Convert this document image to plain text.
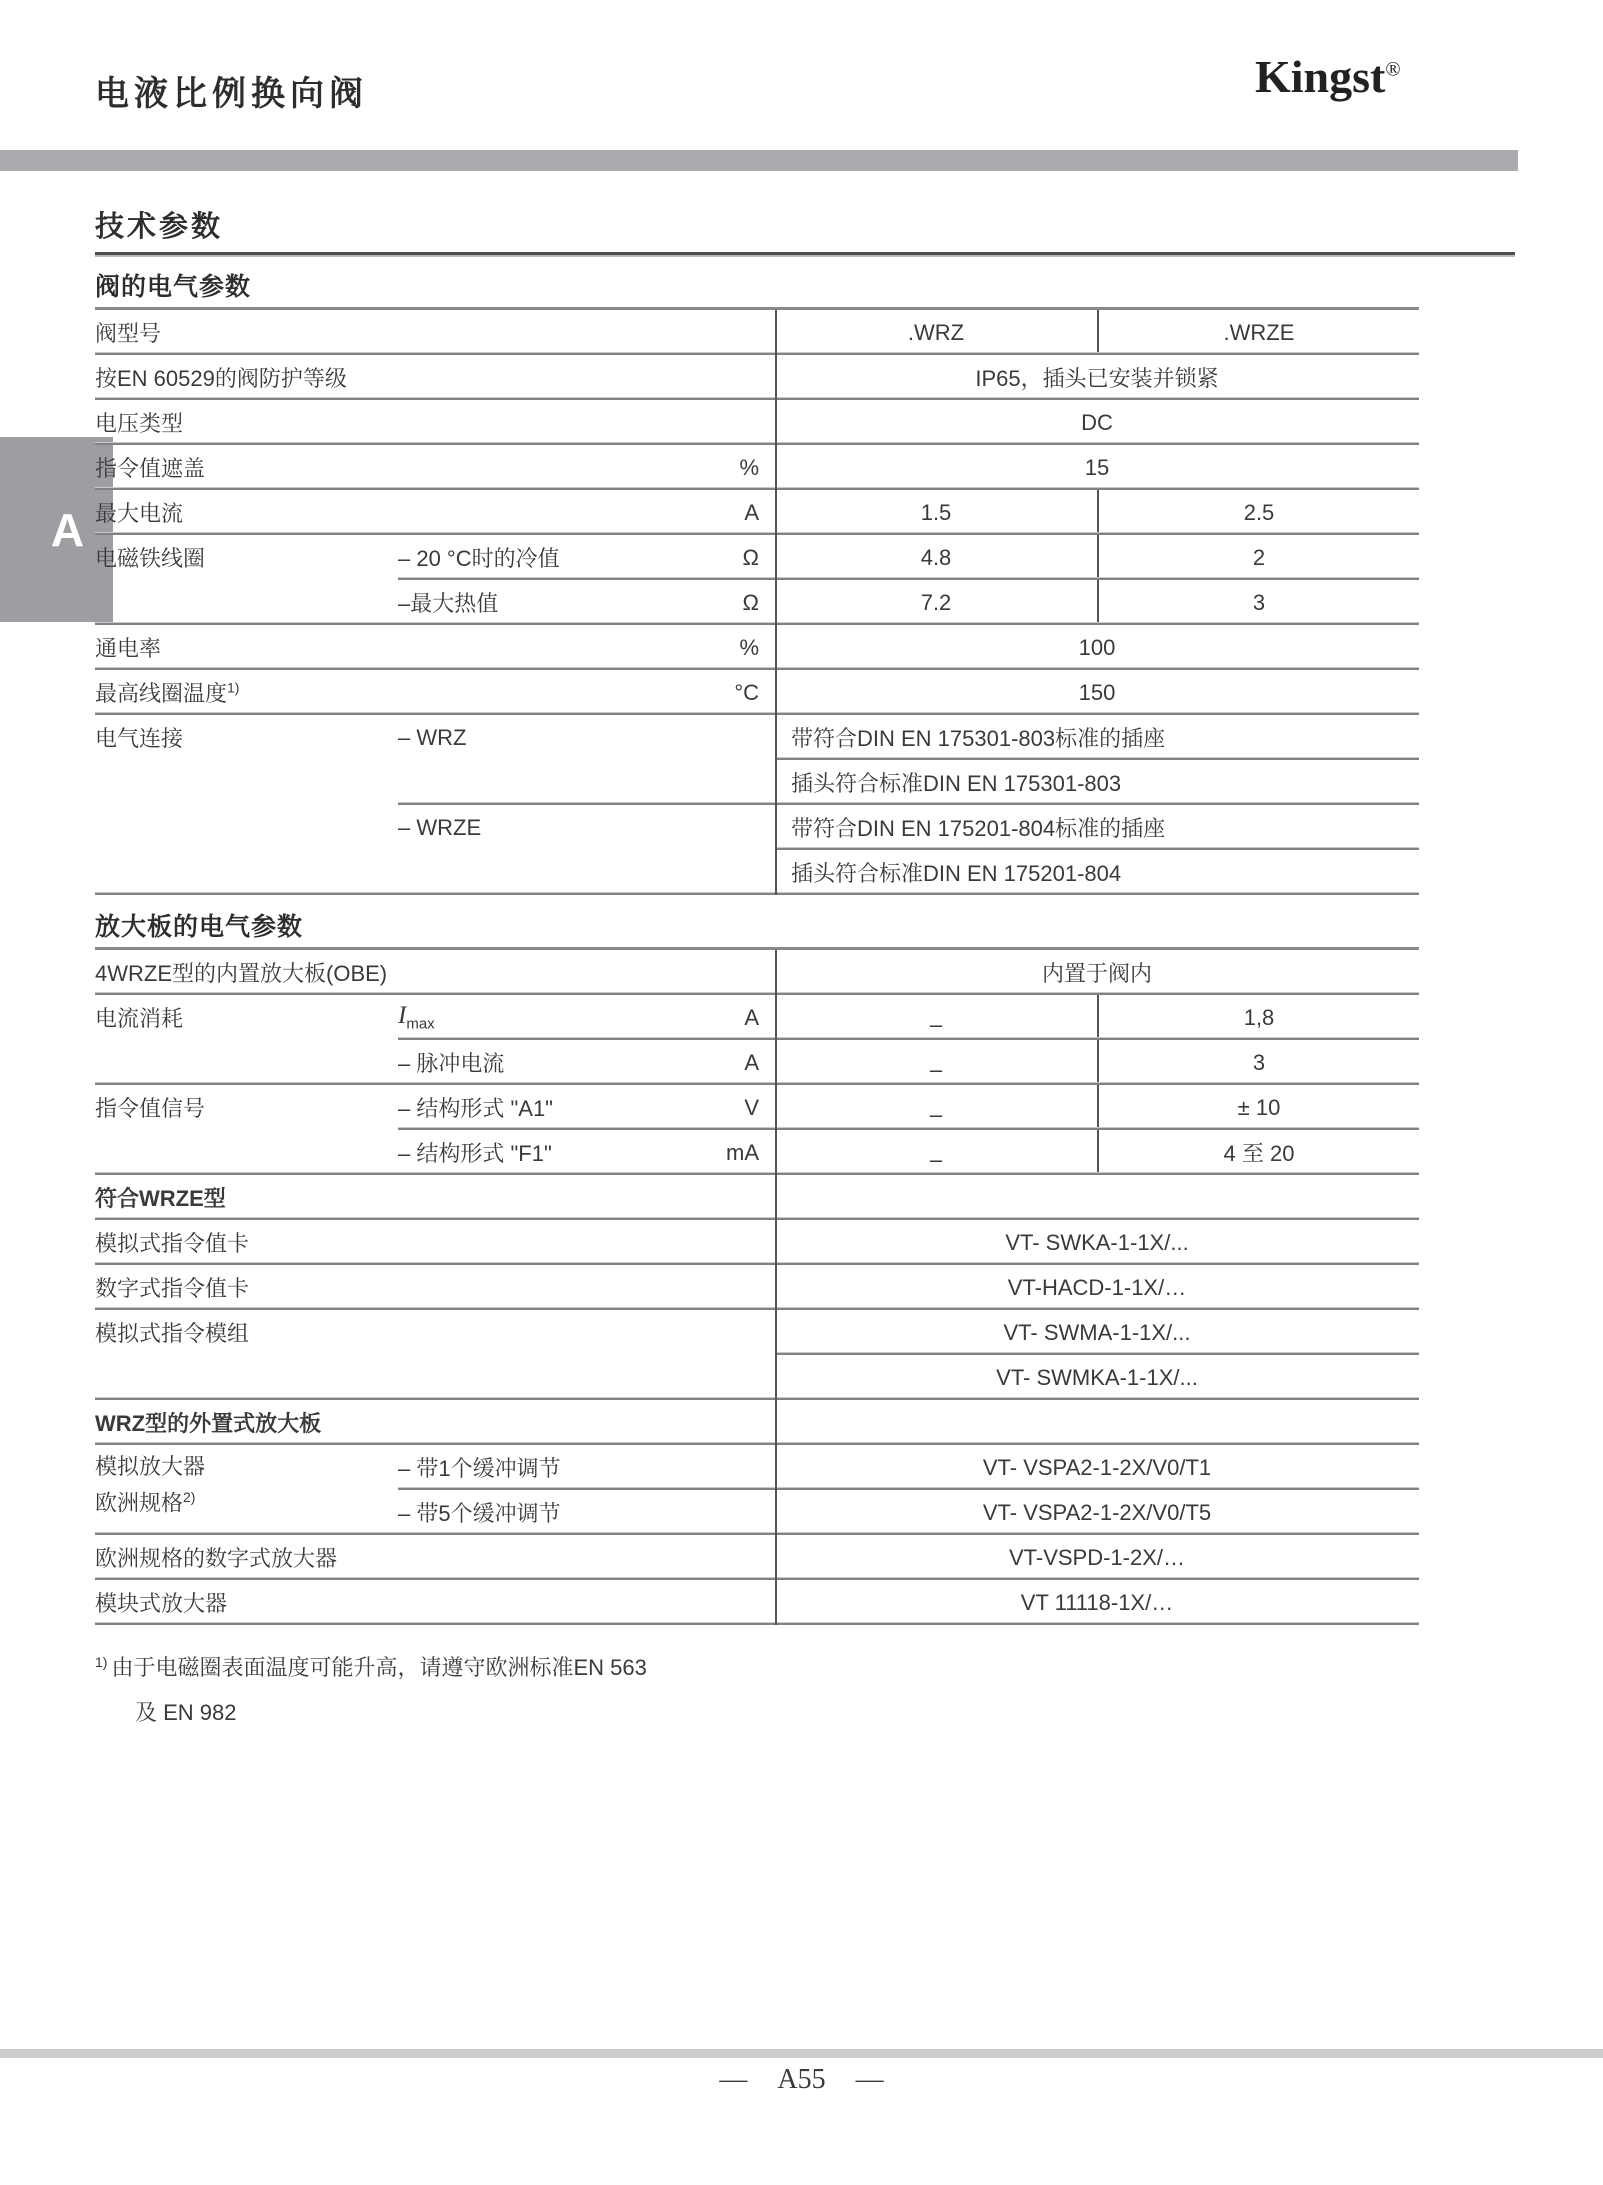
电液比例换向阀	Kingst®
A
技术参数
阀的电气参数
阀型号	.WRZ	.WRZE
按EN 60529的阀防护等级	IP65，插头已安装并锁紧
电压类型	DC
指令值遮盖	%	15
最大电流	A	1.5	2.5
电磁铁线圈	– 20 °C时的冷值	Ω	4.8	2
–最大热值	Ω	7.2	3
通电率	%	100
最高线圈温度$^{1)}$	°C	150
电气连接	– WRZ	带符合DIN EN 175301-803标准的插座
插头符合标准DIN EN 175301-803
– WRZE	带符合DIN EN 175201-804标准的插座
插头符合标准DIN EN 175201-804
放大板的电气参数
4WRZE型的内置放大板(OBE)	内置于阀内
电流消耗	$I_{max}$	A	–	1,8
– 脉冲电流	A	–	3
指令值信号	– 结构形式 "A1"	V	–	± 10
– 结构形式 "F1"	mA	–	4 至 20
符合WRZE型
模拟式指令值卡	VT- SWKA-1-1X/...
数字式指令值卡	VT-HACD-1-1X/…
模拟式指令模组	VT- SWMA-1-1X/...
VT- SWMKA-1-1X/...
WRZ型的外置式放大板
模拟放大器
欧洲规格$^{2)}$
– 带1个缓冲调节	VT- VSPA2-1-2X/V0/T1
– 带5个缓冲调节	VT- VSPA2-1-2X/V0/T5
欧洲规格的数字式放大器	VT-VSPD-1-2X/…
模块式放大器	VT 11118-1X/…
$^{1)}$ 由于电磁圈表面温度可能升高，请遵守欧洲标准EN 563
及 EN 982
— A55 —
